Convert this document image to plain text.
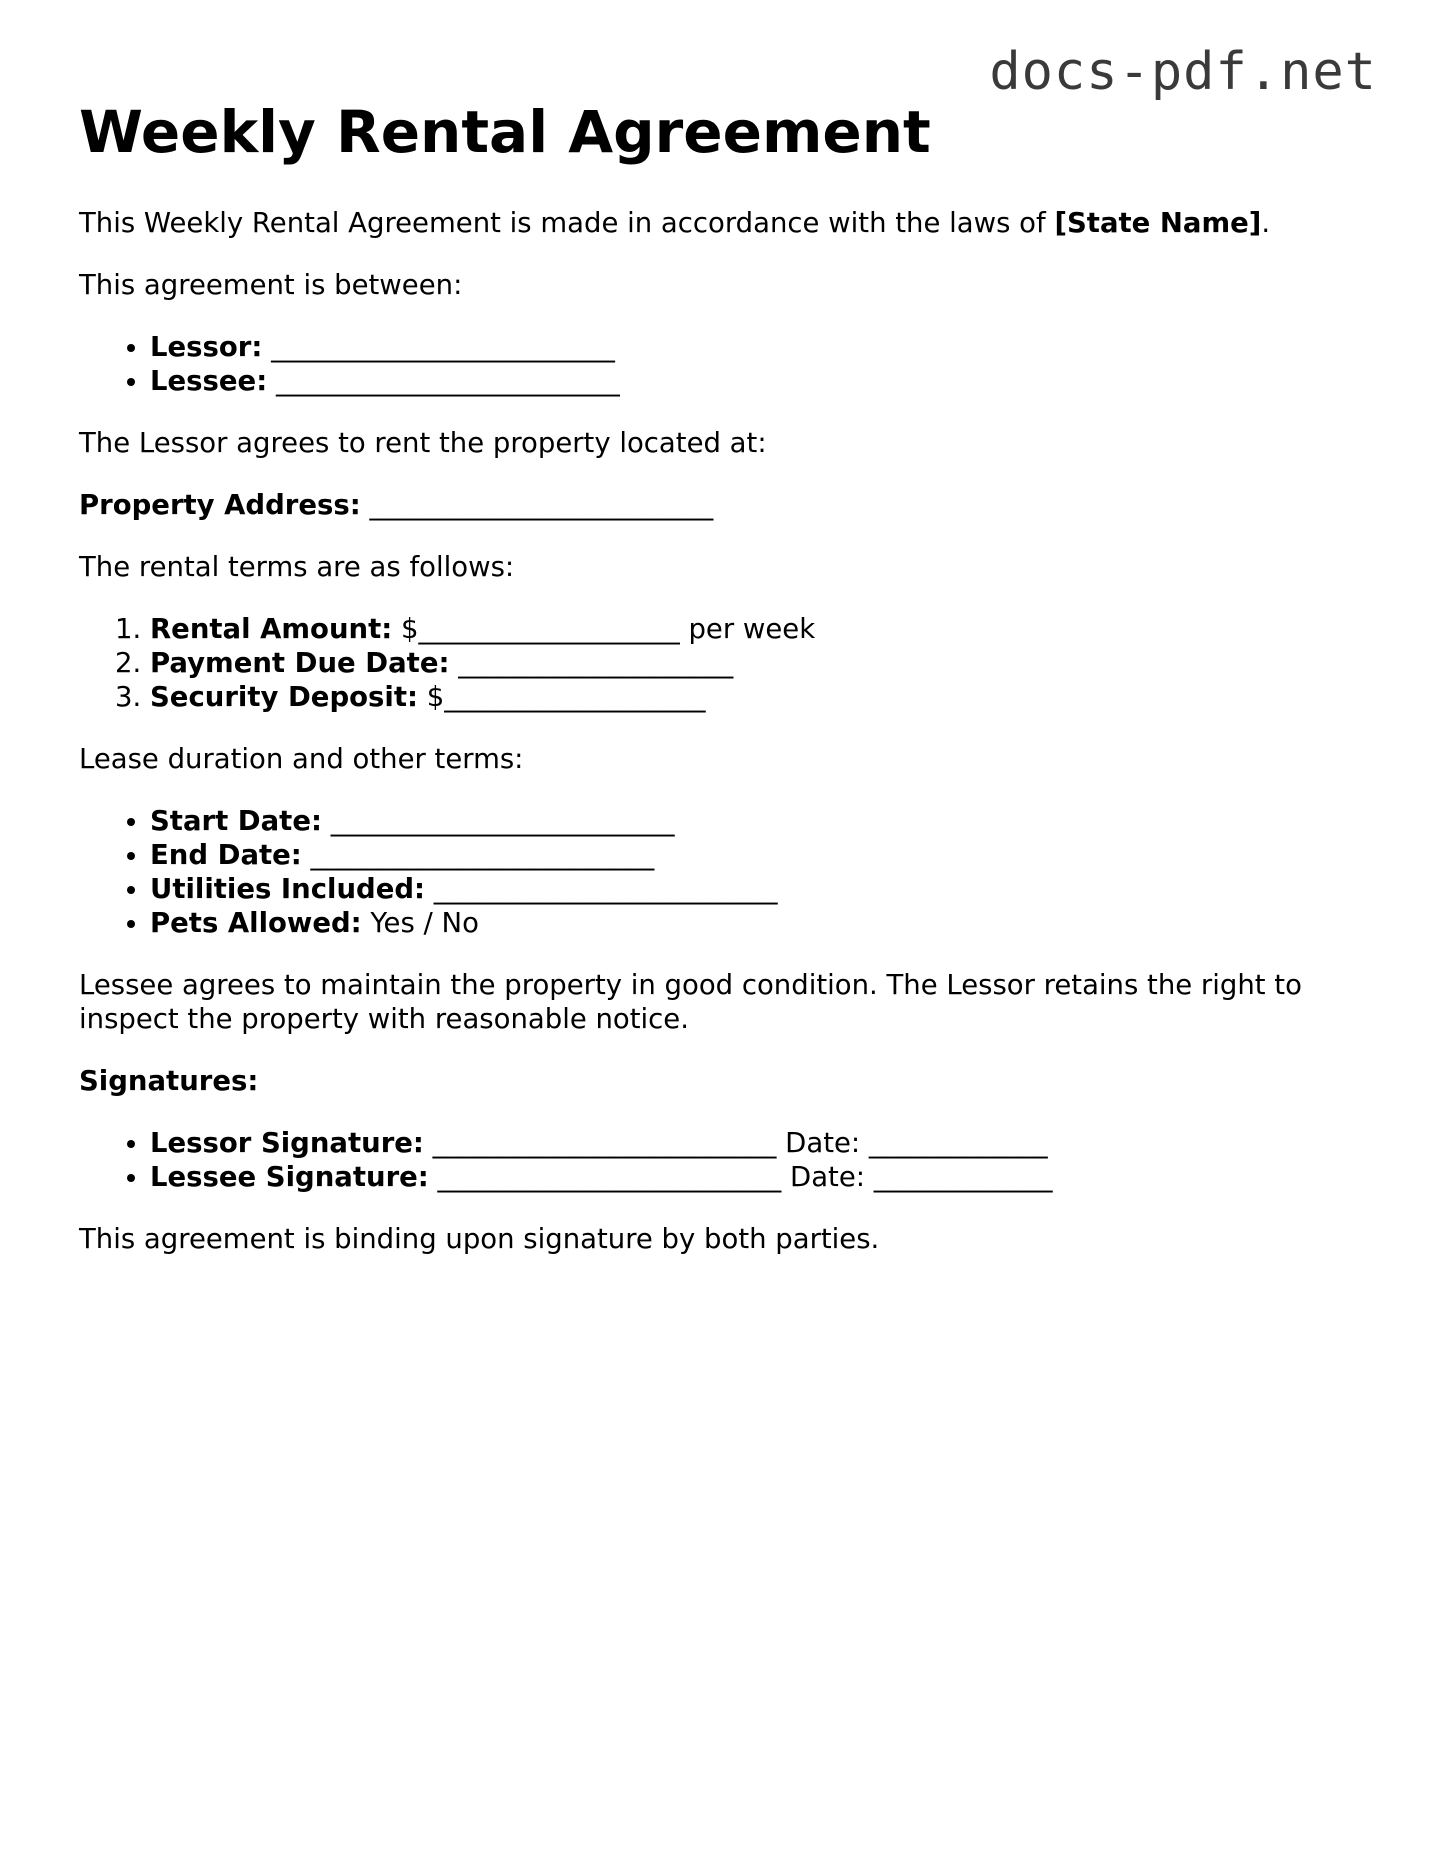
docs-pdf.net
Weekly Rental Agreement

This Weekly Rental Agreement is made in accordance with the laws of [State Name].

This agreement is between:

• Lessor: _________________________
• Lessee: _________________________

The Lessor agrees to rent the property located at:

Property Address: _________________________

The rental terms are as follows:

1. Rental Amount: $___________________ per week
2. Payment Due Date: ____________________
3. Security Deposit: $___________________

Lease duration and other terms:

• Start Date: _________________________
• End Date: _________________________
• Utilities Included: _________________________
• Pets Allowed: Yes / No

Lessee agrees to maintain the property in good condition. The Lessor retains the right to inspect the property with reasonable notice.

Signatures:

• Lessor Signature: _________________________ Date: _____________
• Lessee Signature: _________________________ Date: _____________

This agreement is binding upon signature by both parties.
